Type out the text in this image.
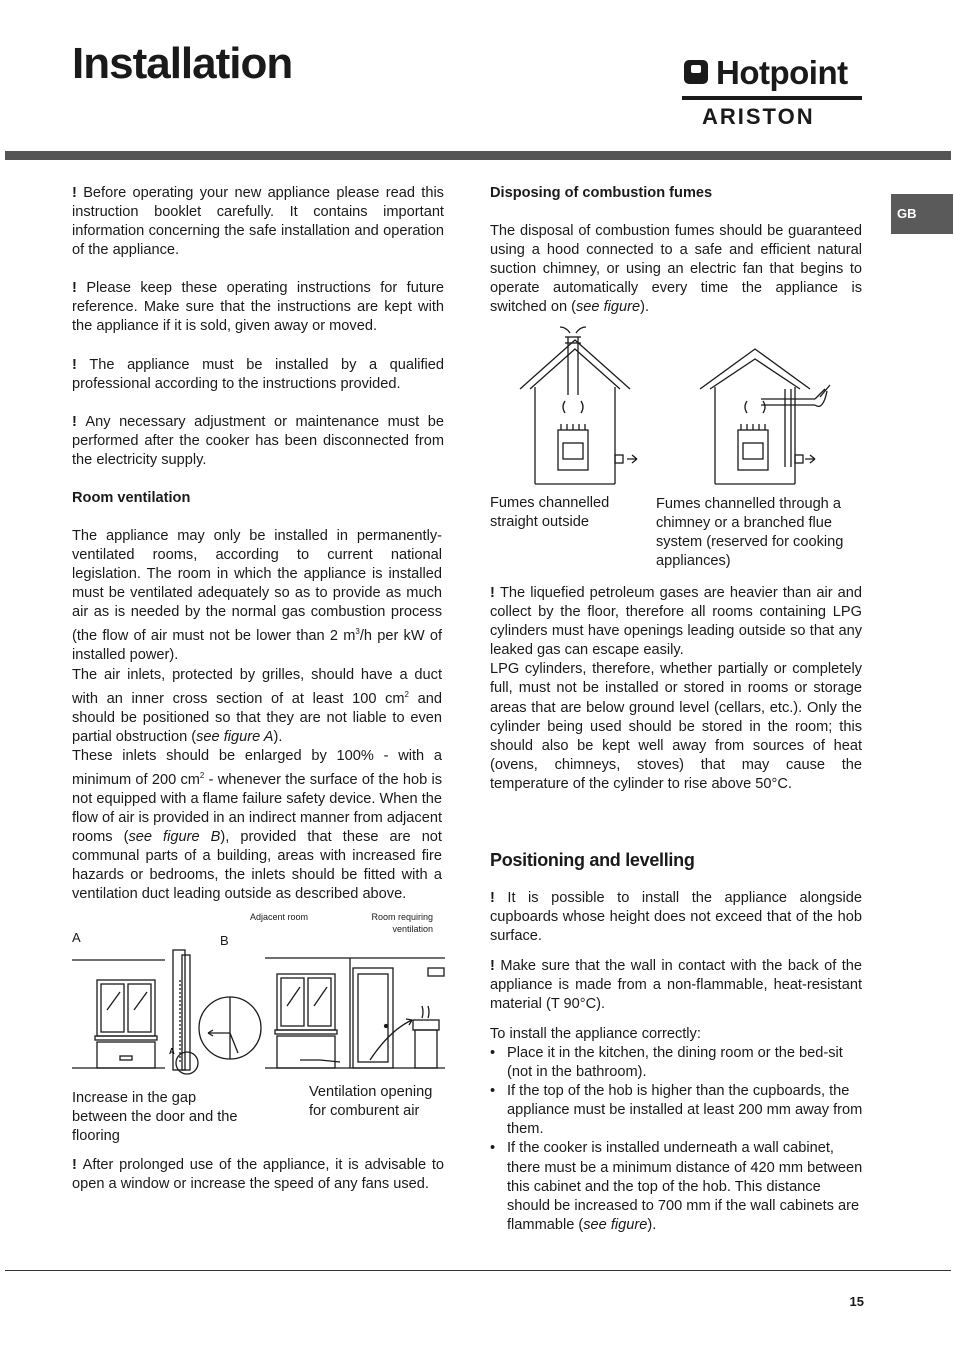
Installation	Hotpoint
ARISTON
GB

! Before operating your new appliance please read this instruction booklet carefully. It contains important information concerning the safe installation and operation of the appliance.

! Please keep these operating instructions for future reference. Make sure that the instructions are kept with the appliance if it is sold, given away or moved.

! The appliance must be installed by a qualified professional according to the instructions provided.

! Any necessary adjustment or maintenance must be performed after the cooker has been disconnected from the electricity supply.

Room ventilation

The appliance may only be installed in permanently-ventilated rooms, according to current national legislation. The room in which the appliance is installed must be ventilated adequately so as to provide as much air as is needed by the normal gas combustion process (the flow of air must not be lower than 2 $m^3/h$ per kW of installed power).
The air inlets, protected by grilles, should have a duct with an inner cross section of at least 100 $cm^2$ and should be positioned so that they are not liable to even partial obstruction (see figure A).
These inlets should be enlarged by 100% - with a minimum of 200 $cm^2$ - whenever the surface of the hob is not equipped with a flame failure safety device. When the flow of air is provided in an indirect manner from adjacent rooms (see figure B), provided that these are not communal parts of a building, areas with increased fire hazards or bedrooms, the inlets should be fitted with a ventilation duct leading outside as described above.

Adjacent room	Room requiring ventilation
A	B
A

Increase in the gap between the door and the flooring

Ventilation opening for comburent air

! After prolonged use of the appliance, it is advisable to open a window or increase the speed of any fans used.

Disposing of combustion fumes

The disposal of combustion fumes should be guaranteed using a hood connected to a safe and efficient natural suction chimney, or using an electric fan that begins to operate automatically every time the appliance is switched on (see figure).

Fumes channelled straight outside

Fumes channelled through a chimney or a branched flue system (reserved for cooking appliances)

! The liquefied petroleum gases are heavier than air and collect by the floor, therefore all rooms containing LPG cylinders must have openings leading outside so that any leaked gas can escape easily.
LPG cylinders, therefore, whether partially or completely full, must not be installed or stored in rooms or storage areas that are below ground level (cellars, etc.). Only the cylinder being used should be stored in the room; this should also be kept well away from sources of heat (ovens, chimneys, stoves) that may cause the temperature of the cylinder to rise above 50°C.

Positioning and levelling

! It is possible to install the appliance alongside cupboards whose height does not exceed that of the hob surface.

! Make sure that the wall in contact with the back of the appliance is made from a non-flammable, heat-resistant material (T 90°C).

To install the appliance correctly:

• Place it in the kitchen, the dining room or the bed-sit (not in the bathroom).
• If the top of the hob is higher than the cupboards, the appliance must be installed at least 200 mm away from them.
• If the cooker is installed underneath a wall cabinet, there must be a minimum distance of 420 mm between this cabinet and the top of the hob. This distance should be increased to 700 mm if the wall cabinets are flammable (see figure).
15
